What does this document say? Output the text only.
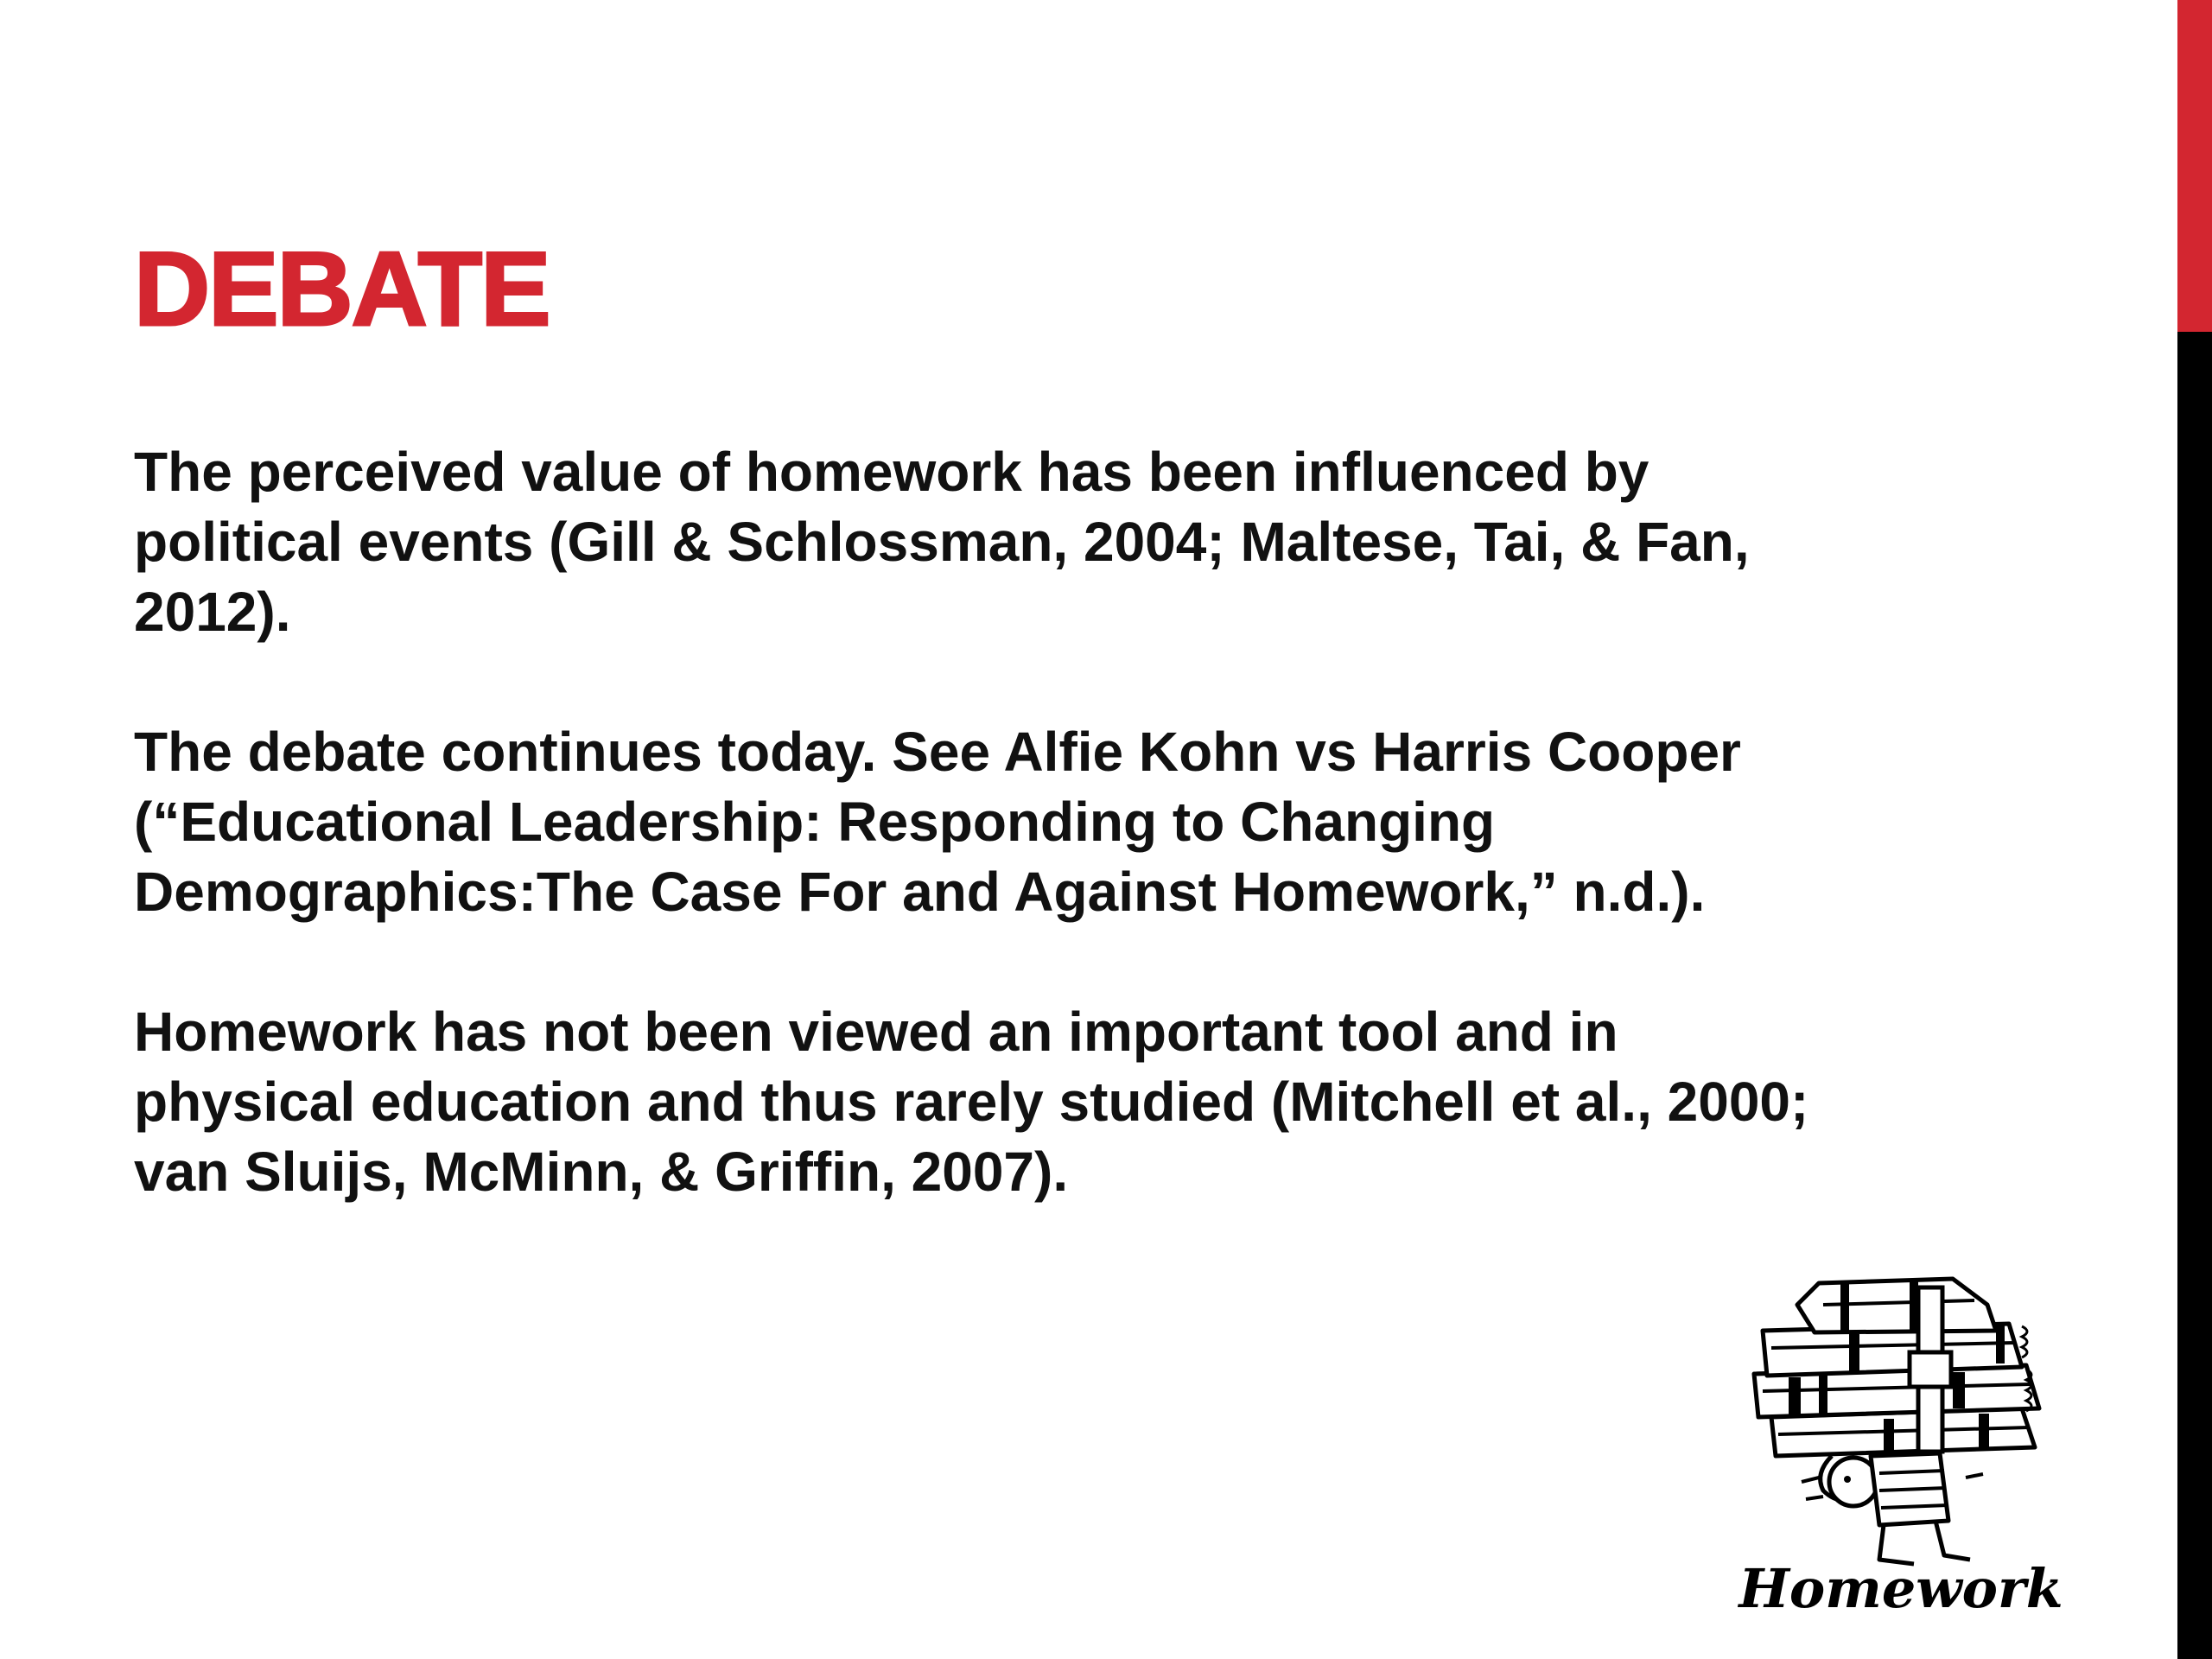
DEBATE

The perceived value of homework has been influenced by
political events (Gill & Schlossman, 2004; Maltese, Tai, & Fan,
2012).

The debate continues today. See Alfie Kohn vs Harris Cooper
(“Educational Leadership: Responding to Changing
Demographics:The Case For and Against Homework,” n.d.).

Homework has not been viewed an important tool and in
physical education and thus rarely studied (Mitchell et al., 2000;
van Sluijs, McMinn, & Griffin, 2007).

Homework
